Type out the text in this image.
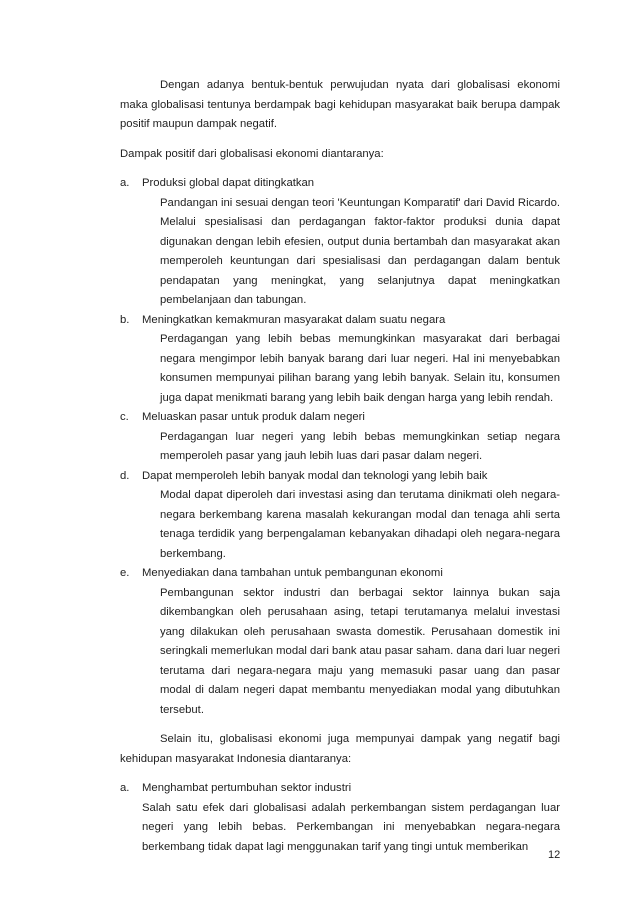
Dengan adanya bentuk-bentuk perwujudan nyata dari globalisasi ekonomi maka globalisasi tentunya berdampak bagi kehidupan masyarakat baik berupa dampak positif maupun dampak negatif.

Dampak positif dari globalisasi ekonomi diantaranya:

a.	Produksi global dapat ditingkatkan
Pandangan ini sesuai dengan teori 'Keuntungan Komparatif' dari David Ricardo. Melalui spesialisasi dan perdagangan faktor-faktor produksi dunia dapat digunakan dengan lebih efesien, output dunia bertambah dan masyarakat akan memperoleh keuntungan dari spesialisasi dan perdagangan dalam bentuk pendapatan yang meningkat, yang selanjutnya dapat meningkatkan pembelanjaan dan tabungan.
b.	Meningkatkan kemakmuran masyarakat dalam suatu negara
Perdagangan yang lebih bebas memungkinkan masyarakat dari berbagai negara mengimpor lebih banyak barang dari luar negeri. Hal ini menyebabkan konsumen mempunyai pilihan barang yang lebih banyak. Selain itu, konsumen juga dapat menikmati barang yang lebih baik dengan harga yang lebih rendah.
c.	Meluaskan pasar untuk produk dalam negeri
Perdagangan luar negeri yang lebih bebas memungkinkan setiap negara memperoleh pasar yang jauh lebih luas dari pasar dalam negeri.
d.	Dapat memperoleh lebih banyak modal dan teknologi yang lebih baik
Modal dapat diperoleh dari investasi asing dan terutama dinikmati oleh negara-negara berkembang karena masalah kekurangan modal dan tenaga ahli serta tenaga terdidik yang berpengalaman kebanyakan dihadapi oleh negara-negara berkembang.
e.	Menyediakan dana tambahan untuk pembangunan ekonomi
Pembangunan sektor industri dan berbagai sektor lainnya bukan saja dikembangkan oleh perusahaan asing, tetapi terutamanya melalui investasi yang dilakukan oleh perusahaan swasta domestik. Perusahaan domestik ini seringkali memerlukan modal dari bank atau pasar saham. dana dari luar negeri terutama dari negara-negara maju yang memasuki pasar uang dan pasar modal di dalam negeri dapat membantu menyediakan modal yang dibutuhkan tersebut.

Selain itu, globalisasi ekonomi juga mempunyai dampak yang negatif bagi kehidupan masyarakat Indonesia diantaranya:

a.	Menghambat pertumbuhan sektor industri
Salah satu efek dari globalisasi adalah perkembangan sistem perdagangan luar negeri yang lebih bebas. Perkembangan ini menyebabkan negara-negara berkembang tidak dapat lagi menggunakan tarif yang tingi untuk memberikan
12
